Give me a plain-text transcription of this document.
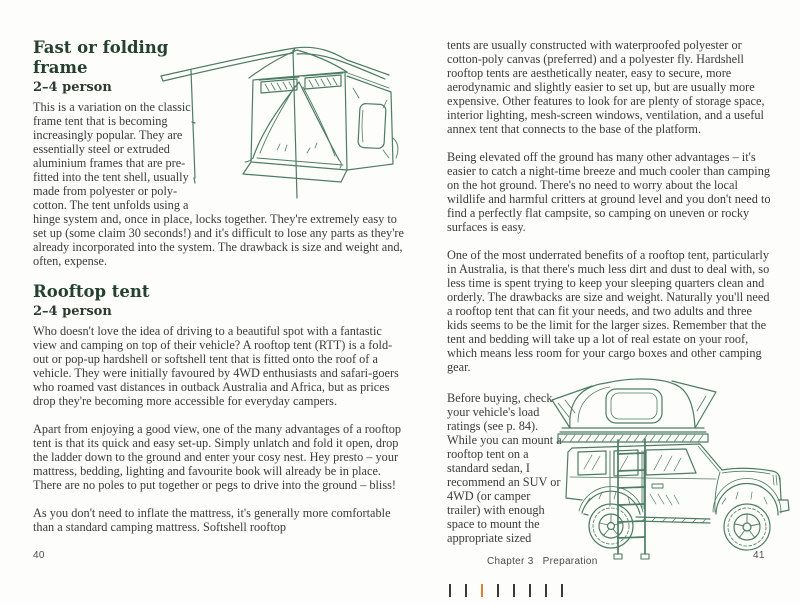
Fast or folding frame
2–4 person

This is a variation on the classic frame tent that is becoming increasingly popular. They are essentially steel or extruded aluminium frames that are pre-fitted into the tent shell, usually made from polyester or poly-cotton. The tent unfolds using a hinge system and, once in place, locks together. They're extremely easy to set up (some claim 30 seconds!) and it's difficult to lose any parts as they're already incorporated into the system. The drawback is size and weight and, often, expense.

Rooftop tent
2–4 person

Who doesn't love the idea of driving to a beautiful spot with a fantastic view and camping on top of their vehicle? A rooftop tent (RTT) is a fold-out or pop-up hardshell or softshell tent that is fitted onto the roof of a vehicle. They were initially favoured by 4WD enthusiasts and safari-goers who roamed vast distances in outback Australia and Africa, but as prices drop they're becoming more accessible for everyday campers.

Apart from enjoying a good view, one of the many advantages of a rooftop tent is that its quick and easy set-up. Simply unlatch and fold it open, drop the ladder down to the ground and enter your cosy nest. Hey presto – your mattress, bedding, lighting and favourite book will already be in place. There are no poles to put together or pegs to drive into the ground – bliss!

As you don't need to inflate the mattress, it's generally more comfortable than a standard camping mattress. Softshell rooftop

tents are usually constructed with waterproofed polyester or cotton-poly canvas (preferred) and a polyester fly. Hardshell rooftop tents are aesthetically neater, easy to secure, more aerodynamic and slightly easier to set up, but are usually more expensive. Other features to look for are plenty of storage space, interior lighting, mesh-screen windows, ventilation, and a useful annex tent that connects to the base of the platform.

Being elevated off the ground has many other advantages – it's easier to catch a night-time breeze and much cooler than camping on the hot ground. There's no need to worry about the local wildlife and harmful critters at ground level and you don't need to find a perfectly flat campsite, so camping on uneven or rocky surfaces is easy.

One of the most underrated benefits of a rooftop tent, particularly in Australia, is that there's much less dirt and dust to deal with, so less time is spent trying to keep your sleeping quarters clean and orderly. The drawbacks are size and weight. Naturally you'll need a rooftop tent that can fit your needs, and two adults and three kids seems to be the limit for the larger sizes. Remember that the tent and bedding will take up a lot of real estate on your roof, which means less room for your cargo boxes and other camping gear.

Before buying, check your vehicle's load ratings (see p. 84). While you can mount a rooftop tent on a standard sedan, I recommend an SUV or 4WD (or camper trailer) with enough space to mount the appropriate sized

40
Chapter 3 Preparation
41
